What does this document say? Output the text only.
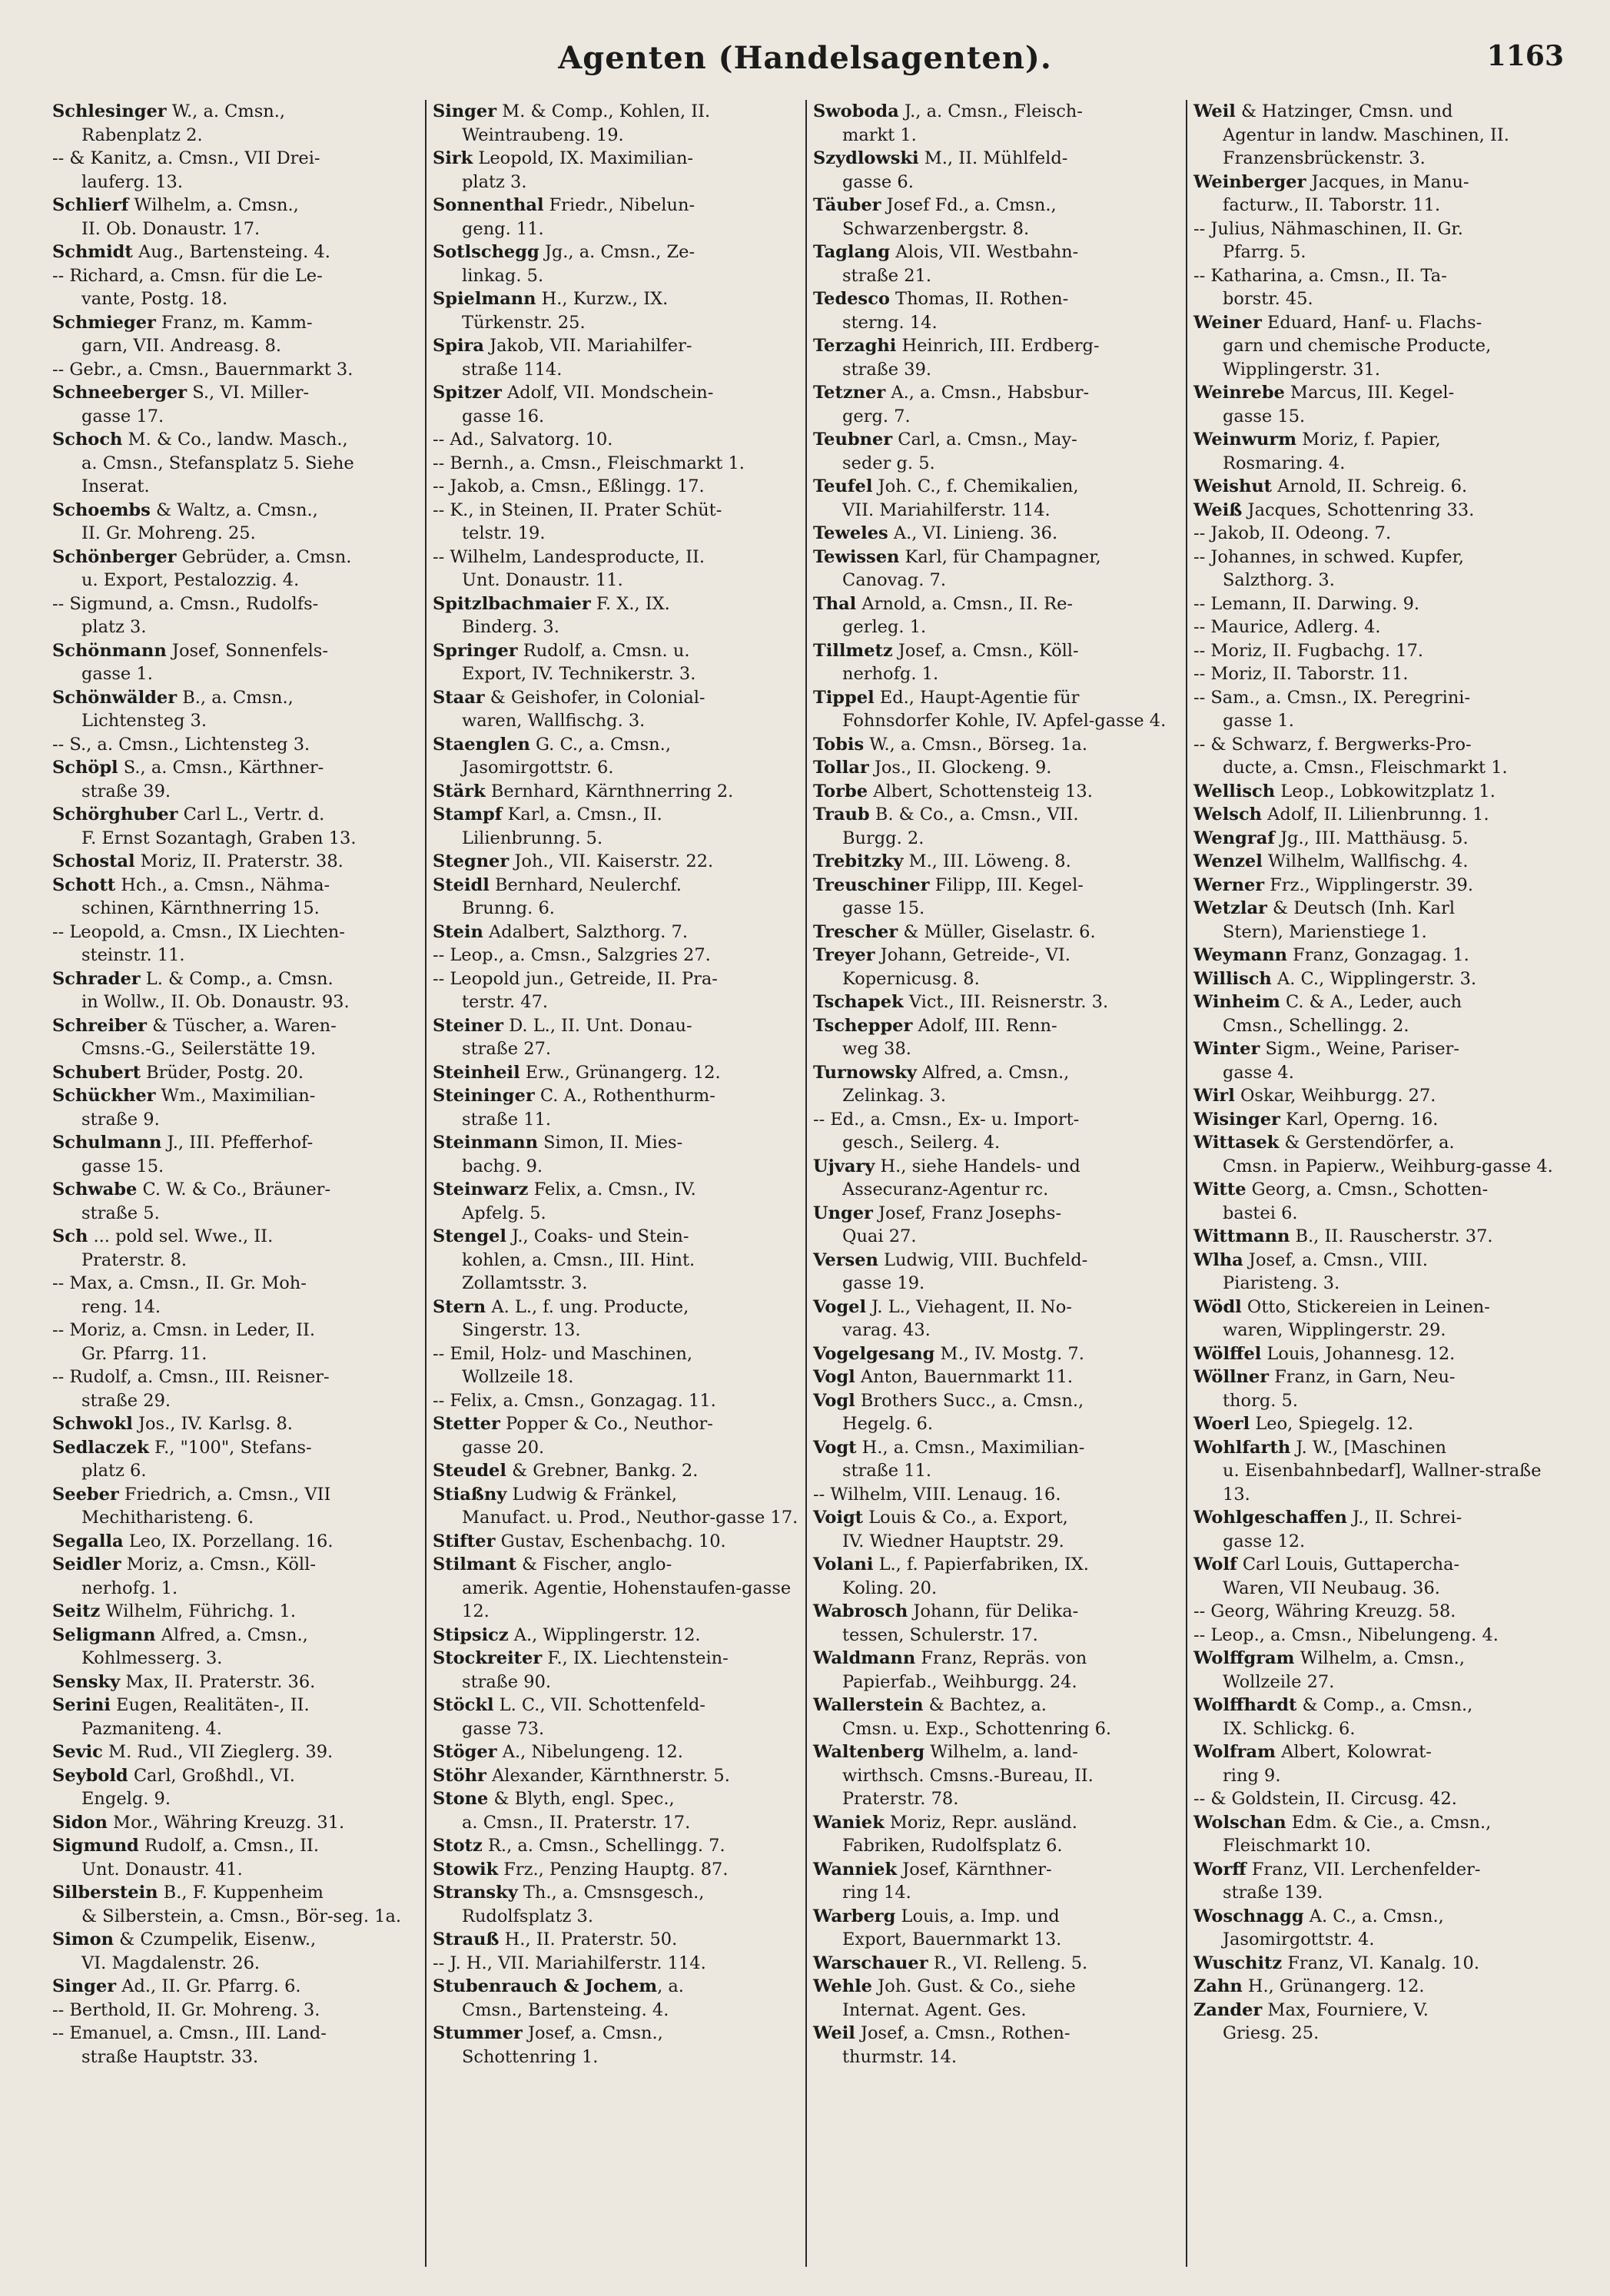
Agenten (Handelsagenten).	1163

Schlesinger W., a. Cmsn.,
Rabenplatz 2.

-- & Kanitz, a. Cmsn., VII Drei-
lauferg. 13.

Schlierf Wilhelm, a. Cmsn.,
II. Ob. Donaustr. 17.

Schmidt Aug., Bartensteing. 4.

-- Richard, a. Cmsn. für die Le-
vante, Postg. 18.

Schmieger Franz, m. Kamm-
garn, VII. Andreasg. 8.

-- Gebr., a. Cmsn., Bauernmarkt 3.

Schneeberger S., VI. Miller-
gasse 17.

Schoch M. & Co., landw. Masch.,
a. Cmsn., Stefansplatz 5. Siehe Inserat.

Schoembs & Waltz, a. Cmsn.,
II. Gr. Mohreng. 25.

Schönberger Gebrüder, a. Cmsn.
u. Export, Pestalozzig. 4.

-- Sigmund, a. Cmsn., Rudolfs-
platz 3.

Schönmann Josef, Sonnenfels-
gasse 1.

Schönwälder B., a. Cmsn.,
Lichtensteg 3.

-- S., a. Cmsn., Lichtensteg 3.

Schöpl S., a. Cmsn., Kärthner-
straße 39.

Schörghuber Carl L., Vertr. d.
F. Ernst Sozantagh, Graben 13.

Schostal Moriz, II. Praterstr. 38.

Schott Hch., a. Cmsn., Nähma-
schinen, Kärnthnerring 15.

-- Leopold, a. Cmsn., IX Liechten-
steinstr. 11.

Schrader L. & Comp., a. Cmsn.
in Wollw., II. Ob. Donaustr. 93.

Schreiber & Tüscher, a. Waren-
Cmsns.-G., Seilerstätte 19.

Schubert Brüder, Postg. 20.

Schückher Wm., Maximilian-
straße 9.

Schulmann J., III. Pfefferhof-
gasse 15.

Schwabe C. W. & Co., Bräuner-
straße 5.

Sch ... pold sel. Wwe., II.
Praterstr. 8.

-- Max, a. Cmsn., II. Gr. Moh-
reng. 14.

-- Moriz, a. Cmsn. in Leder, II.
Gr. Pfarrg. 11.

-- Rudolf, a. Cmsn., III. Reisner-
straße 29.

Schwokl Jos., IV. Karlsg. 8.

Sedlaczek F., "100", Stefans-
platz 6.

Seeber Friedrich, a. Cmsn., VII
Mechitharisteng. 6.

Segalla Leo, IX. Porzellang. 16.

Seidler Moriz, a. Cmsn., Köll-
nerhofg. 1.

Seitz Wilhelm, Führichg. 1.

Seligmann Alfred, a. Cmsn.,
Kohlmesserg. 3.

Sensky Max, II. Praterstr. 36.

Serini Eugen, Realitäten-, II.
Pazmaniteng. 4.

Sevic M. Rud., VII Zieglerg. 39.

Seybold Carl, Großhdl., VI.
Engelg. 9.

Sidon Mor., Währing Kreuzg. 31.

Sigmund Rudolf, a. Cmsn., II.
Unt. Donaustr. 41.

Silberstein B., F. Kuppenheim
& Silberstein, a. Cmsn., Bör-seg. 1a.

Simon & Czumpelik, Eisenw.,
VI. Magdalenstr. 26.

Singer Ad., II. Gr. Pfarrg. 6.

-- Berthold, II. Gr. Mohreng. 3.

-- Emanuel, a. Cmsn., III. Land-
straße Hauptstr. 33.

Singer M. & Comp., Kohlen, II.
Weintraubeng. 19.

Sirk Leopold, IX. Maximilian-
platz 3.

Sonnenthal Friedr., Nibelun-
geng. 11.

Sotlschegg Jg., a. Cmsn., Ze-
linkag. 5.

Spielmann H., Kurzw., IX.
Türkenstr. 25.

Spira Jakob, VII. Mariahilfer-
straße 114.

Spitzer Adolf, VII. Mondschein-
gasse 16.

-- Ad., Salvatorg. 10.

-- Bernh., a. Cmsn., Fleischmarkt 1.

-- Jakob, a. Cmsn., Eßlingg. 17.

-- K., in Steinen, II. Prater Schüt-
telstr. 19.

-- Wilhelm, Landesproducte, II.
Unt. Donaustr. 11.

Spitzlbachmaier F. X., IX.
Binderg. 3.

Springer Rudolf, a. Cmsn. u.
Export, IV. Technikerstr. 3.

Staar & Geishofer, in Colonial-
waren, Wallfischg. 3.

Staenglen G. C., a. Cmsn.,
Jasomirgottstr. 6.

Stärk Bernhard, Kärnthnerring 2.

Stampf Karl, a. Cmsn., II.
Lilienbrunng. 5.

Stegner Joh., VII. Kaiserstr. 22.

Steidl Bernhard, Neulerchf.
Brunng. 6.

Stein Adalbert, Salzthorg. 7.

-- Leop., a. Cmsn., Salzgries 27.

-- Leopold jun., Getreide, II. Pra-
terstr. 47.

Steiner D. L., II. Unt. Donau-
straße 27.

Steinheil Erw., Grünangerg. 12.

Steininger C. A., Rothenthurm-
straße 11.

Steinmann Simon, II. Mies-
bachg. 9.

Steinwarz Felix, a. Cmsn., IV.
Apfelg. 5.

Stengel J., Coaks- und Stein-
kohlen, a. Cmsn., III. Hint. Zollamtsstr. 3.

Stern A. L., f. ung. Producte,
Singerstr. 13.

-- Emil, Holz- und Maschinen,
Wollzeile 18.

-- Felix, a. Cmsn., Gonzagag. 11.

Stetter Popper & Co., Neuthor-
gasse 20.

Steudel & Grebner, Bankg. 2.

Stiaßny Ludwig & Fränkel,
Manufact. u. Prod., Neuthor-gasse 17.

Stifter Gustav, Eschenbachg. 10.

Stilmant & Fischer, anglo-
amerik. Agentie, Hohenstaufen-gasse 12.

Stipsicz A., Wipplingerstr. 12.

Stockreiter F., IX. Liechtenstein-
straße 90.

Stöckl L. C., VII. Schottenfeld-
gasse 73.

Stöger A., Nibelungeng. 12.

Stöhr Alexander, Kärnthnerstr. 5.

Stone & Blyth, engl. Spec.,
a. Cmsn., II. Praterstr. 17.

Stotz R., a. Cmsn., Schellingg. 7.

Stowik Frz., Penzing Hauptg. 87.

Stransky Th., a. Cmsnsgesch.,
Rudolfsplatz 3.

Strauß H., II. Praterstr. 50.

-- J. H., VII. Mariahilferstr. 114.

Stubenrauch & Jochem, a.
Cmsn., Bartensteing. 4.

Stummer Josef, a. Cmsn.,
Schottenring 1.

Swoboda J., a. Cmsn., Fleisch-
markt 1.

Szydlowski M., II. Mühlfeld-
gasse 6.

Täuber Josef Fd., a. Cmsn.,
Schwarzenbergstr. 8.

Taglang Alois, VII. Westbahn-
straße 21.

Tedesco Thomas, II. Rothen-
sterng. 14.

Terzaghi Heinrich, III. Erdberg-
straße 39.

Tetzner A., a. Cmsn., Habsbur-
gerg. 7.

Teubner Carl, a. Cmsn., May-
seder g. 5.

Teufel Joh. C., f. Chemikalien,
VII. Mariahilferstr. 114.

Teweles A., VI. Linieng. 36.

Tewissen Karl, für Champagner,
Canovag. 7.

Thal Arnold, a. Cmsn., II. Re-
gerleg. 1.

Tillmetz Josef, a. Cmsn., Köll-
nerhofg. 1.

Tippel Ed., Haupt-Agentie für
Fohnsdorfer Kohle, IV. Apfel-gasse 4.

Tobis W., a. Cmsn., Börseg. 1a.

Tollar Jos., II. Glockeng. 9.

Torbe Albert, Schottensteig 13.

Traub B. & Co., a. Cmsn., VII.
Burgg. 2.

Trebitzky M., III. Löweng. 8.

Treuschiner Filipp, III. Kegel-
gasse 15.

Trescher & Müller, Giselastr. 6.

Treyer Johann, Getreide-, VI.
Kopernicusg. 8.

Tschapek Vict., III. Reisnerstr. 3.

Tschepper Adolf, III. Renn-
weg 38.

Turnowsky Alfred, a. Cmsn.,
Zelinkag. 3.

-- Ed., a. Cmsn., Ex- u. Import-
gesch., Seilerg. 4.

Ujvary H., siehe Handels- und
Assecuranz-Agentur rc.

Unger Josef, Franz Josephs-
Quai 27.

Versen Ludwig, VIII. Buchfeld-
gasse 19.

Vogel J. L., Viehagent, II. No-
varag. 43.

Vogelgesang M., IV. Mostg. 7.

Vogl Anton, Bauernmarkt 11.

Vogl Brothers Succ., a. Cmsn.,
Hegelg. 6.

Vogt H., a. Cmsn., Maximilian-
straße 11.

-- Wilhelm, VIII. Lenaug. 16.

Voigt Louis & Co., a. Export,
IV. Wiedner Hauptstr. 29.

Volani L., f. Papierfabriken, IX.
Koling. 20.

Wabrosch Johann, für Delika-
tessen, Schulerstr. 17.

Waldmann Franz, Repräs. von
Papierfab., Weihburgg. 24.

Wallerstein & Bachtez, a.
Cmsn. u. Exp., Schottenring 6.

Waltenberg Wilhelm, a. land-
wirthsch. Cmsns.-Bureau, II. Praterstr. 78.

Waniek Moriz, Repr. ausländ.
Fabriken, Rudolfsplatz 6.

Wanniek Josef, Kärnthner-
ring 14.

Warberg Louis, a. Imp. und
Export, Bauernmarkt 13.

Warschauer R., VI. Relleng. 5.

Wehle Joh. Gust. & Co., siehe
Internat. Agent. Ges.

Weil Josef, a. Cmsn., Rothen-
thurmstr. 14.

Weil & Hatzinger, Cmsn. und
Agentur in landw. Maschinen, II. Franzensbrückenstr. 3.

Weinberger Jacques, in Manu-
facturw., II. Taborstr. 11.

-- Julius, Nähmaschinen, II. Gr.
Pfarrg. 5.

-- Katharina, a. Cmsn., II. Ta-
borstr. 45.

Weiner Eduard, Hanf- u. Flachs-
garn und chemische Producte, Wipplingerstr. 31.

Weinrebe Marcus, III. Kegel-
gasse 15.

Weinwurm Moriz, f. Papier,
Rosmaring. 4.

Weishut Arnold, II. Schreig. 6.

Weiß Jacques, Schottenring 33.

-- Jakob, II. Odeong. 7.

-- Johannes, in schwed. Kupfer,
Salzthorg. 3.

-- Lemann, II. Darwing. 9.

-- Maurice, Adlerg. 4.

-- Moriz, II. Fugbachg. 17.

-- Moriz, II. Taborstr. 11.

-- Sam., a. Cmsn., IX. Peregrini-
gasse 1.

-- & Schwarz, f. Bergwerks-Pro-
ducte, a. Cmsn., Fleischmarkt 1.

Wellisch Leop., Lobkowitzplatz 1.

Welsch Adolf, II. Lilienbrunng. 1.

Wengraf Jg., III. Matthäusg. 5.

Wenzel Wilhelm, Wallfischg. 4.

Werner Frz., Wipplingerstr. 39.

Wetzlar & Deutsch (Inh. Karl
Stern), Marienstiege 1.

Weymann Franz, Gonzagag. 1.

Willisch A. C., Wipplingerstr. 3.

Winheim C. & A., Leder, auch
Cmsn., Schellingg. 2.

Winter Sigm., Weine, Pariser-
gasse 4.

Wirl Oskar, Weihburgg. 27.

Wisinger Karl, Operng. 16.

Wittasek & Gerstendörfer, a.
Cmsn. in Papierw., Weihburg-gasse 4.

Witte Georg, a. Cmsn., Schotten-
bastei 6.

Wittmann B., II. Rauscherstr. 37.

Wlha Josef, a. Cmsn., VIII.
Piaristeng. 3.

Wödl Otto, Stickereien in Leinen-
waren, Wipplingerstr. 29.

Wölffel Louis, Johannesg. 12.

Wöllner Franz, in Garn, Neu-
thorg. 5.

Woerl Leo, Spiegelg. 12.

Wohlfarth J. W., [Maschinen
u. Eisenbahnbedarf], Wallner-straße 13.

Wohlgeschaffen J., II. Schrei-
gasse 12.

Wolf Carl Louis, Guttapercha-
Waren, VII Neubaug. 36.

-- Georg, Währing Kreuzg. 58.

-- Leop., a. Cmsn., Nibelungeng. 4.

Wolffgram Wilhelm, a. Cmsn.,
Wollzeile 27.

Wolffhardt & Comp., a. Cmsn.,
IX. Schlickg. 6.

Wolfram Albert, Kolowrat-
ring 9.

-- & Goldstein, II. Circusg. 42.

Wolschan Edm. & Cie., a. Cmsn.,
Fleischmarkt 10.

Worff Franz, VII. Lerchenfelder-
straße 139.

Woschnagg A. C., a. Cmsn.,
Jasomirgottstr. 4.

Wuschitz Franz, VI. Kanalg. 10.

Zahn H., Grünangerg. 12.

Zander Max, Fourniere, V.
Griesg. 25.
